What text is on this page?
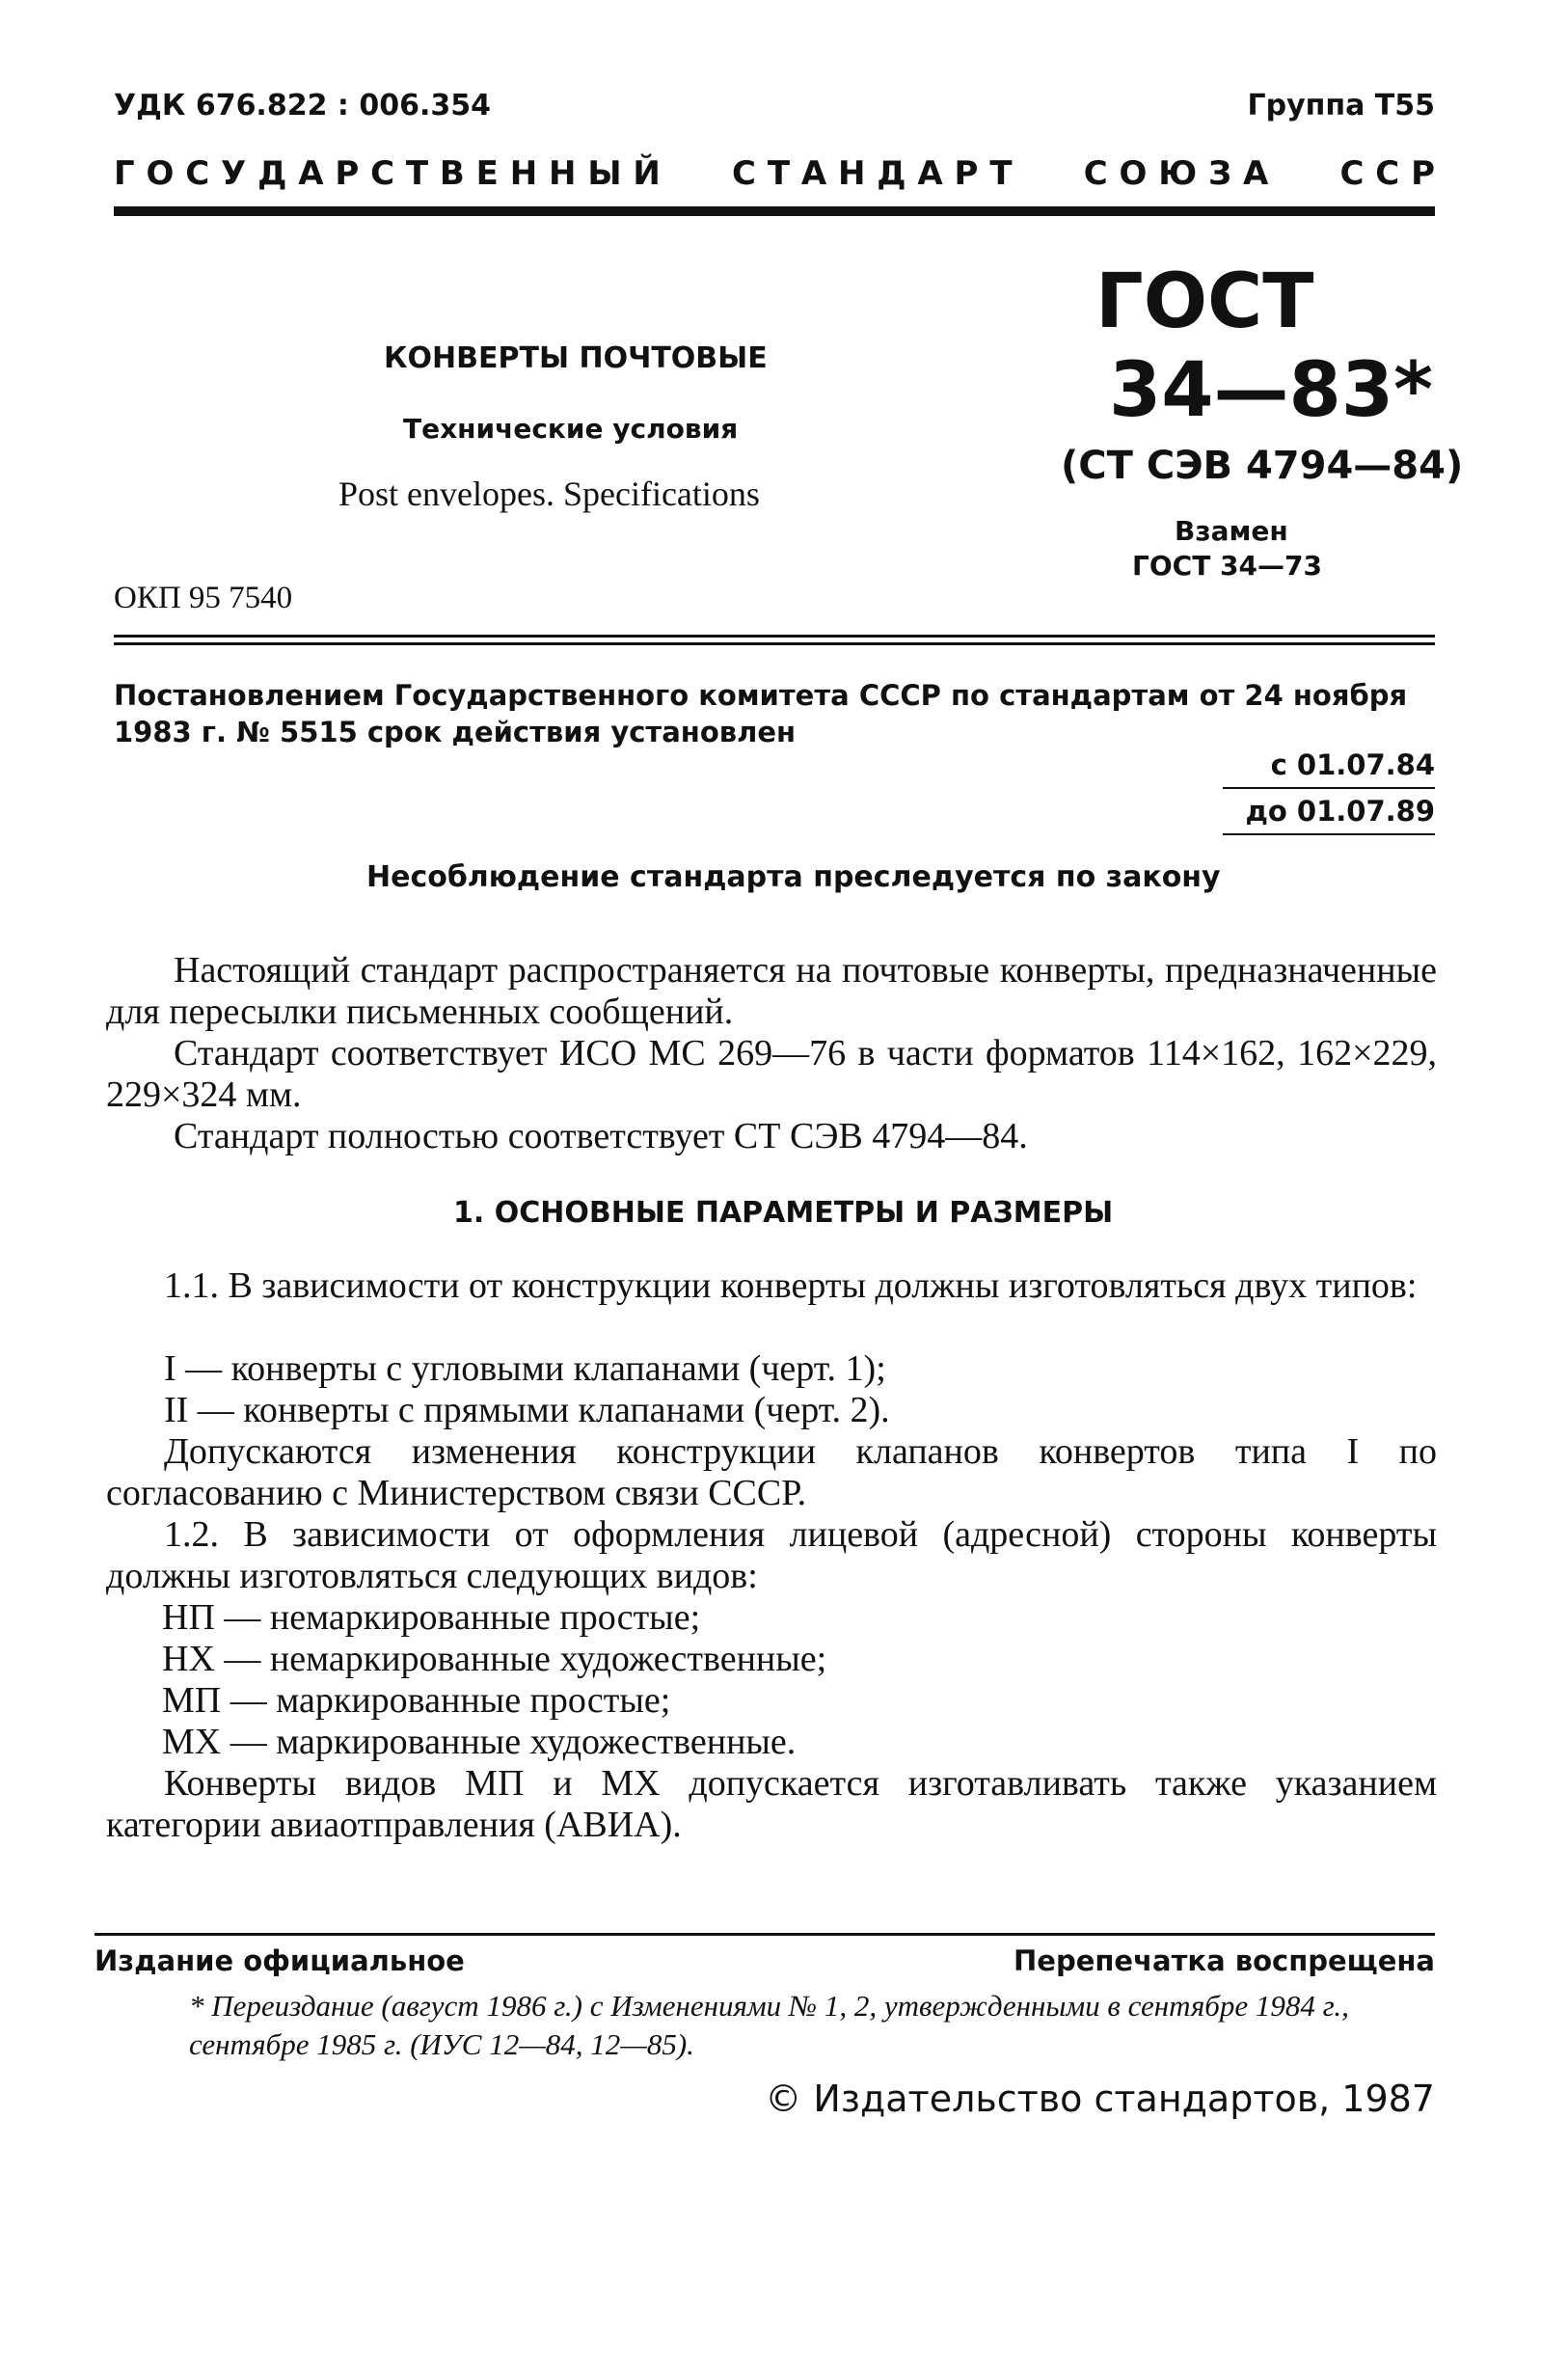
УДК 676.822 : 006.354	Группа Т55
Г О С У Д А Р С Т В Е Н Н Ы Й С Т А Н Д А Р Т С О Ю З А С С Р
КОНВЕРТЫ ПОЧТОВЫЕ
Технические условия
Post envelopes. Specifications
ОКП 95 7540
ГОСТ
34—83*
(СТ СЭВ 4794—84)
Взамен
ГОСТ 34—73
Постановлением Государственного комитета СССР по стандартам от 24 ноября 1983 г. № 5515 срок действия установлен
с 01.07.84
до 01.07.89
Несоблюдение стандарта преследуется по закону
Настоящий стандарт распространяется на почтовые конверты, предназначенные для пересылки письменных сообщений.
Стандарт соответствует ИСО МС 269—76 в части форматов 114×162, 162×229, 229×324 мм.
Стандарт полностью соответствует СТ СЭВ 4794—84.
1. ОСНОВНЫЕ ПАРАМЕТРЫ И РАЗМЕРЫ
1.1. В зависимости от конструкции конверты должны изготовляться двух типов:
I — конверты с угловыми клапанами (черт. 1);
II — конверты с прямыми клапанами (черт. 2).
Допускаются изменения конструкции клапанов конвертов типа I по согласованию с Министерством связи СССР.
1.2. В зависимости от оформления лицевой (адресной) стороны конверты должны изготовляться следующих видов:
НП — немаркированные простые;
НХ — немаркированные художественные;
МП — маркированные простые;
МХ — маркированные художественные.
Конверты видов МП и МХ допускается изготавливать также указанием категории авиаотправления (АВИА).
Издание официальное	Перепечатка воспрещена
* Переиздание (август 1986 г.) с Изменениями № 1, 2, утвержденными в сентябре 1984 г., сентябре 1985 г. (ИУС 12—84, 12—85).
© Издательство стандартов, 1987
